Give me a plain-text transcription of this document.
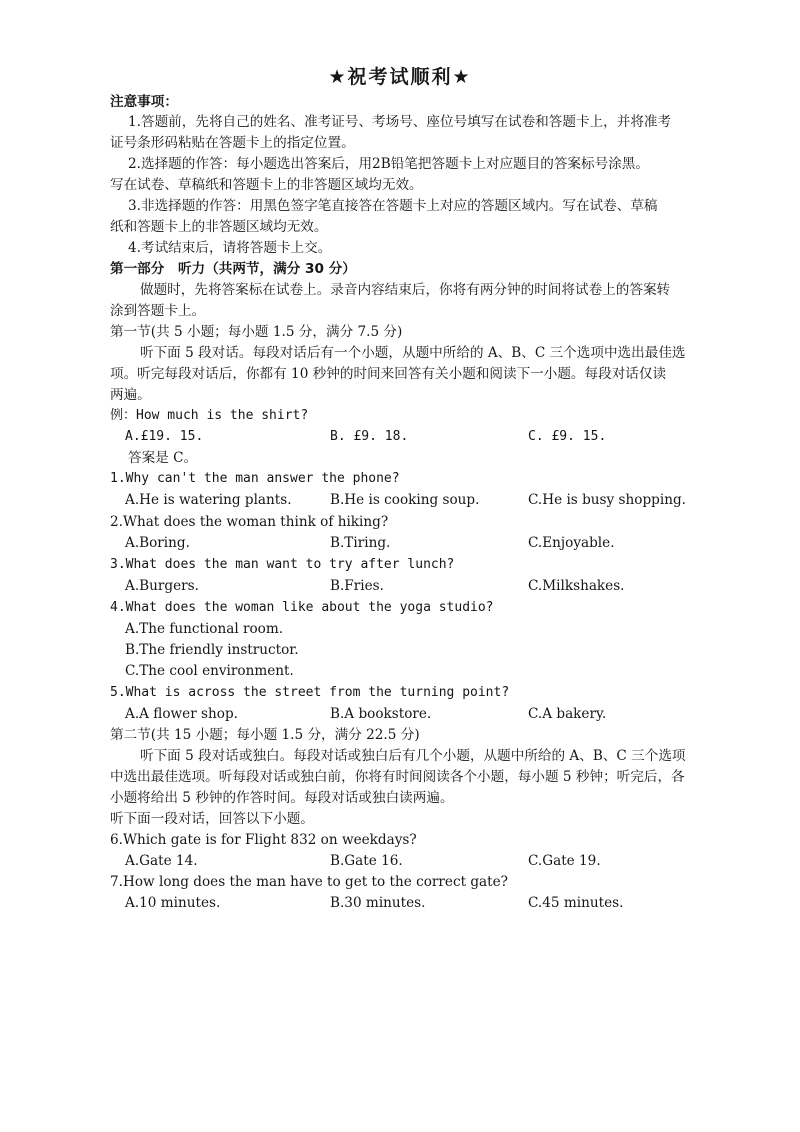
★祝考试顺利★
注意事项：
1.答题前，先将自己的姓名、准考证号、考场号、座位号填写在试卷和答题卡上，并将准考
证号条形码粘贴在答题卡上的指定位置。
2.选择题的作答：每小题选出答案后，用2B铅笔把答题卡上对应题目的答案标号涂黑。
写在试卷、草稿纸和答题卡上的非答题区域均无效。
3.非选择题的作答：用黑色签字笔直接答在答题卡上对应的答题区域内。写在试卷、草稿
纸和答题卡上的非答题区域均无效。
4.考试结束后，请将答题卡上交。
第一部分　听力（共两节，满分 30 分）
做题时，先将答案标在试卷上。录音内容结束后，你将有两分钟的时间将试卷上的答案转
涂到答题卡上。
第一节(共 5 小题；每小题 1.5 分，满分 7.5 分)
听下面 5 段对话。每段对话后有一个小题，从题中所给的 A、B、C 三个选项中选出最佳选
项。听完每段对话后，你都有 10 秒钟的时间来回答有关小题和阅读下一小题。每段对话仅读
两遍。
例：How much is the shirt?
A.£19. 15.	B. £9. 18.	C. £9. 15.
答案是 C。
1.Why can't the man answer the phone?
A.He is watering plants.	B.He is cooking soup.	C.He is busy shopping.
2.What does the woman think of hiking?
A.Boring.	B.Tiring.	C.Enjoyable.
3.What does the man want to try after lunch?
A.Burgers.	B.Fries.	C.Milkshakes.
4.What does the woman like about the yoga studio?
A.The functional room.
B.The friendly instructor.
C.The cool environment.
5.What is across the street from the turning point?
A.A flower shop.	B.A bookstore.	C.A bakery.
第二节(共 15 小题；每小题 1.5 分，满分 22.5 分)
听下面 5 段对话或独白。每段对话或独白后有几个小题，从题中所给的 A、B、C 三个选项
中选出最佳选项。听每段对话或独白前，你将有时间阅读各个小题，每小题 5 秒钟；听完后，各
小题将给出 5 秒钟的作答时间。每段对话或独白读两遍。
听下面一段对话，回答以下小题。
6.Which gate is for Flight 832 on weekdays?
A.Gate 14.	B.Gate 16.	C.Gate 19.
7.How long does the man have to get to the correct gate?
A.10 minutes.	B.30 minutes.	C.45 minutes.
